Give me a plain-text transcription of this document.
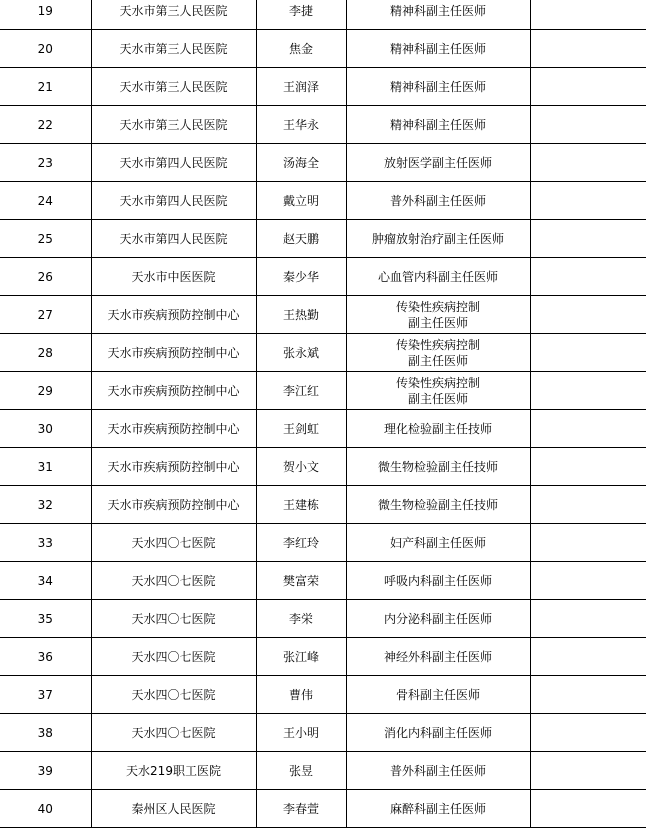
19	天水市第三人民医院	李捷	精神科副主任医师	
20	天水市第三人民医院	焦金	精神科副主任医师	
21	天水市第三人民医院	王润泽	精神科副主任医师	
22	天水市第三人民医院	王华永	精神科副主任医师	
23	天水市第四人民医院	汤海全	放射医学副主任医师	
24	天水市第四人民医院	戴立明	普外科副主任医师	
25	天水市第四人民医院	赵天鹏	肿瘤放射治疗副主任医师	
26	天水市中医医院	秦少华	心血管内科副主任医师	
27	天水市疾病预防控制中心	王热勤	传染性疾病控制
副主任医师	
28	天水市疾病预防控制中心	张永斌	传染性疾病控制
副主任医师	
29	天水市疾病预防控制中心	李江红	传染性疾病控制
副主任医师	
30	天水市疾病预防控制中心	王剑虹	理化检验副主任技师	
31	天水市疾病预防控制中心	贺小文	微生物检验副主任技师	
32	天水市疾病预防控制中心	王建栋	微生物检验副主任技师	
33	天水四〇七医院	李红玲	妇产科副主任医师	
34	天水四〇七医院	樊富荣	呼吸内科副主任医师	
35	天水四〇七医院	李栄	内分泌科副主任医师	
36	天水四〇七医院	张江峰	神经外科副主任医师	
37	天水四〇七医院	曹伟	骨科副主任医师	
38	天水四〇七医院	王小明	消化内科副主任医师	
39	天水219职工医院	张昱	普外科副主任医师	
40	秦州区人民医院	李春萱	麻醉科副主任医师	
